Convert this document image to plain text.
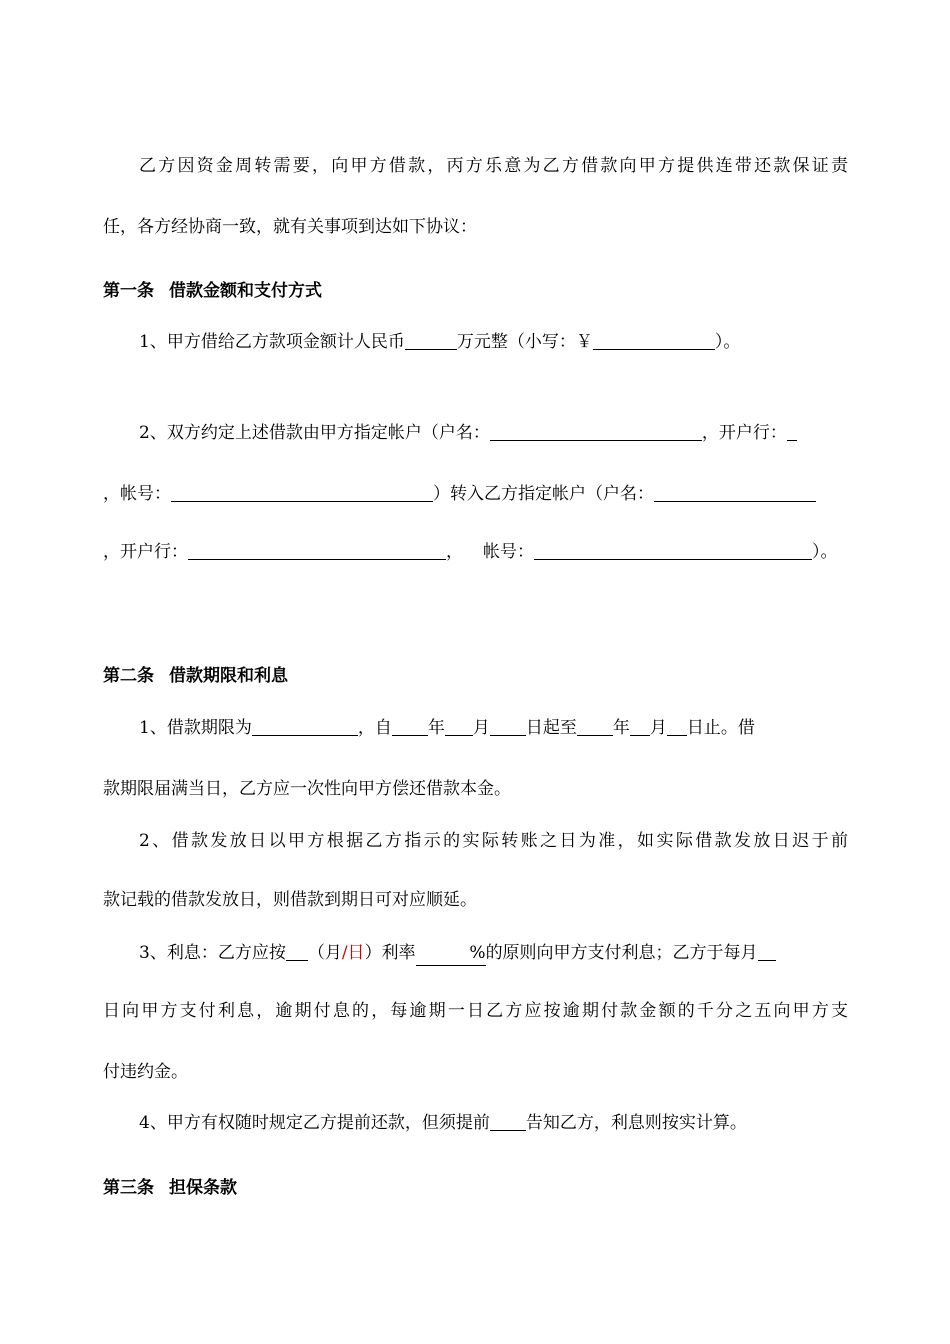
乙方因资金周转需要，向甲方借款，丙方乐意为乙方借款向甲方提供连带还款保证责
任，各方经协商一致，就有关事项到达如下协议：
第一条 借款金额和支付方式
1、甲方借给乙方款项金额计人民币	万元整（小写：￥	）。
2、双方约定上述借款由甲方指定帐户（户名：	，开户行：
，帐号：	）转入乙方指定帐户（户名：
，开户行：	， 帐号：	）。
第二条 借款期限和利息
1、借款期限为	，自 年 月 日起至 年 月 日止。借
款期限届满当日，乙方应一次性向甲方偿还借款本金。
2、借款发放日以甲方根据乙方指示的实际转账之日为准，如实际借款发放日迟于前
款记载的借款发放日，则借款到期日可对应顺延。
3、利息：乙方应按 （月/日）利率	%的原则向甲方支付利息；乙方于每月
日向甲方支付利息，逾期付息的，每逾期一日乙方应按逾期付款金额的千分之五向甲方支
付违约金。
4、甲方有权随时规定乙方提前还款，但须提前 告知乙方，利息则按实计算。
第三条 担保条款
